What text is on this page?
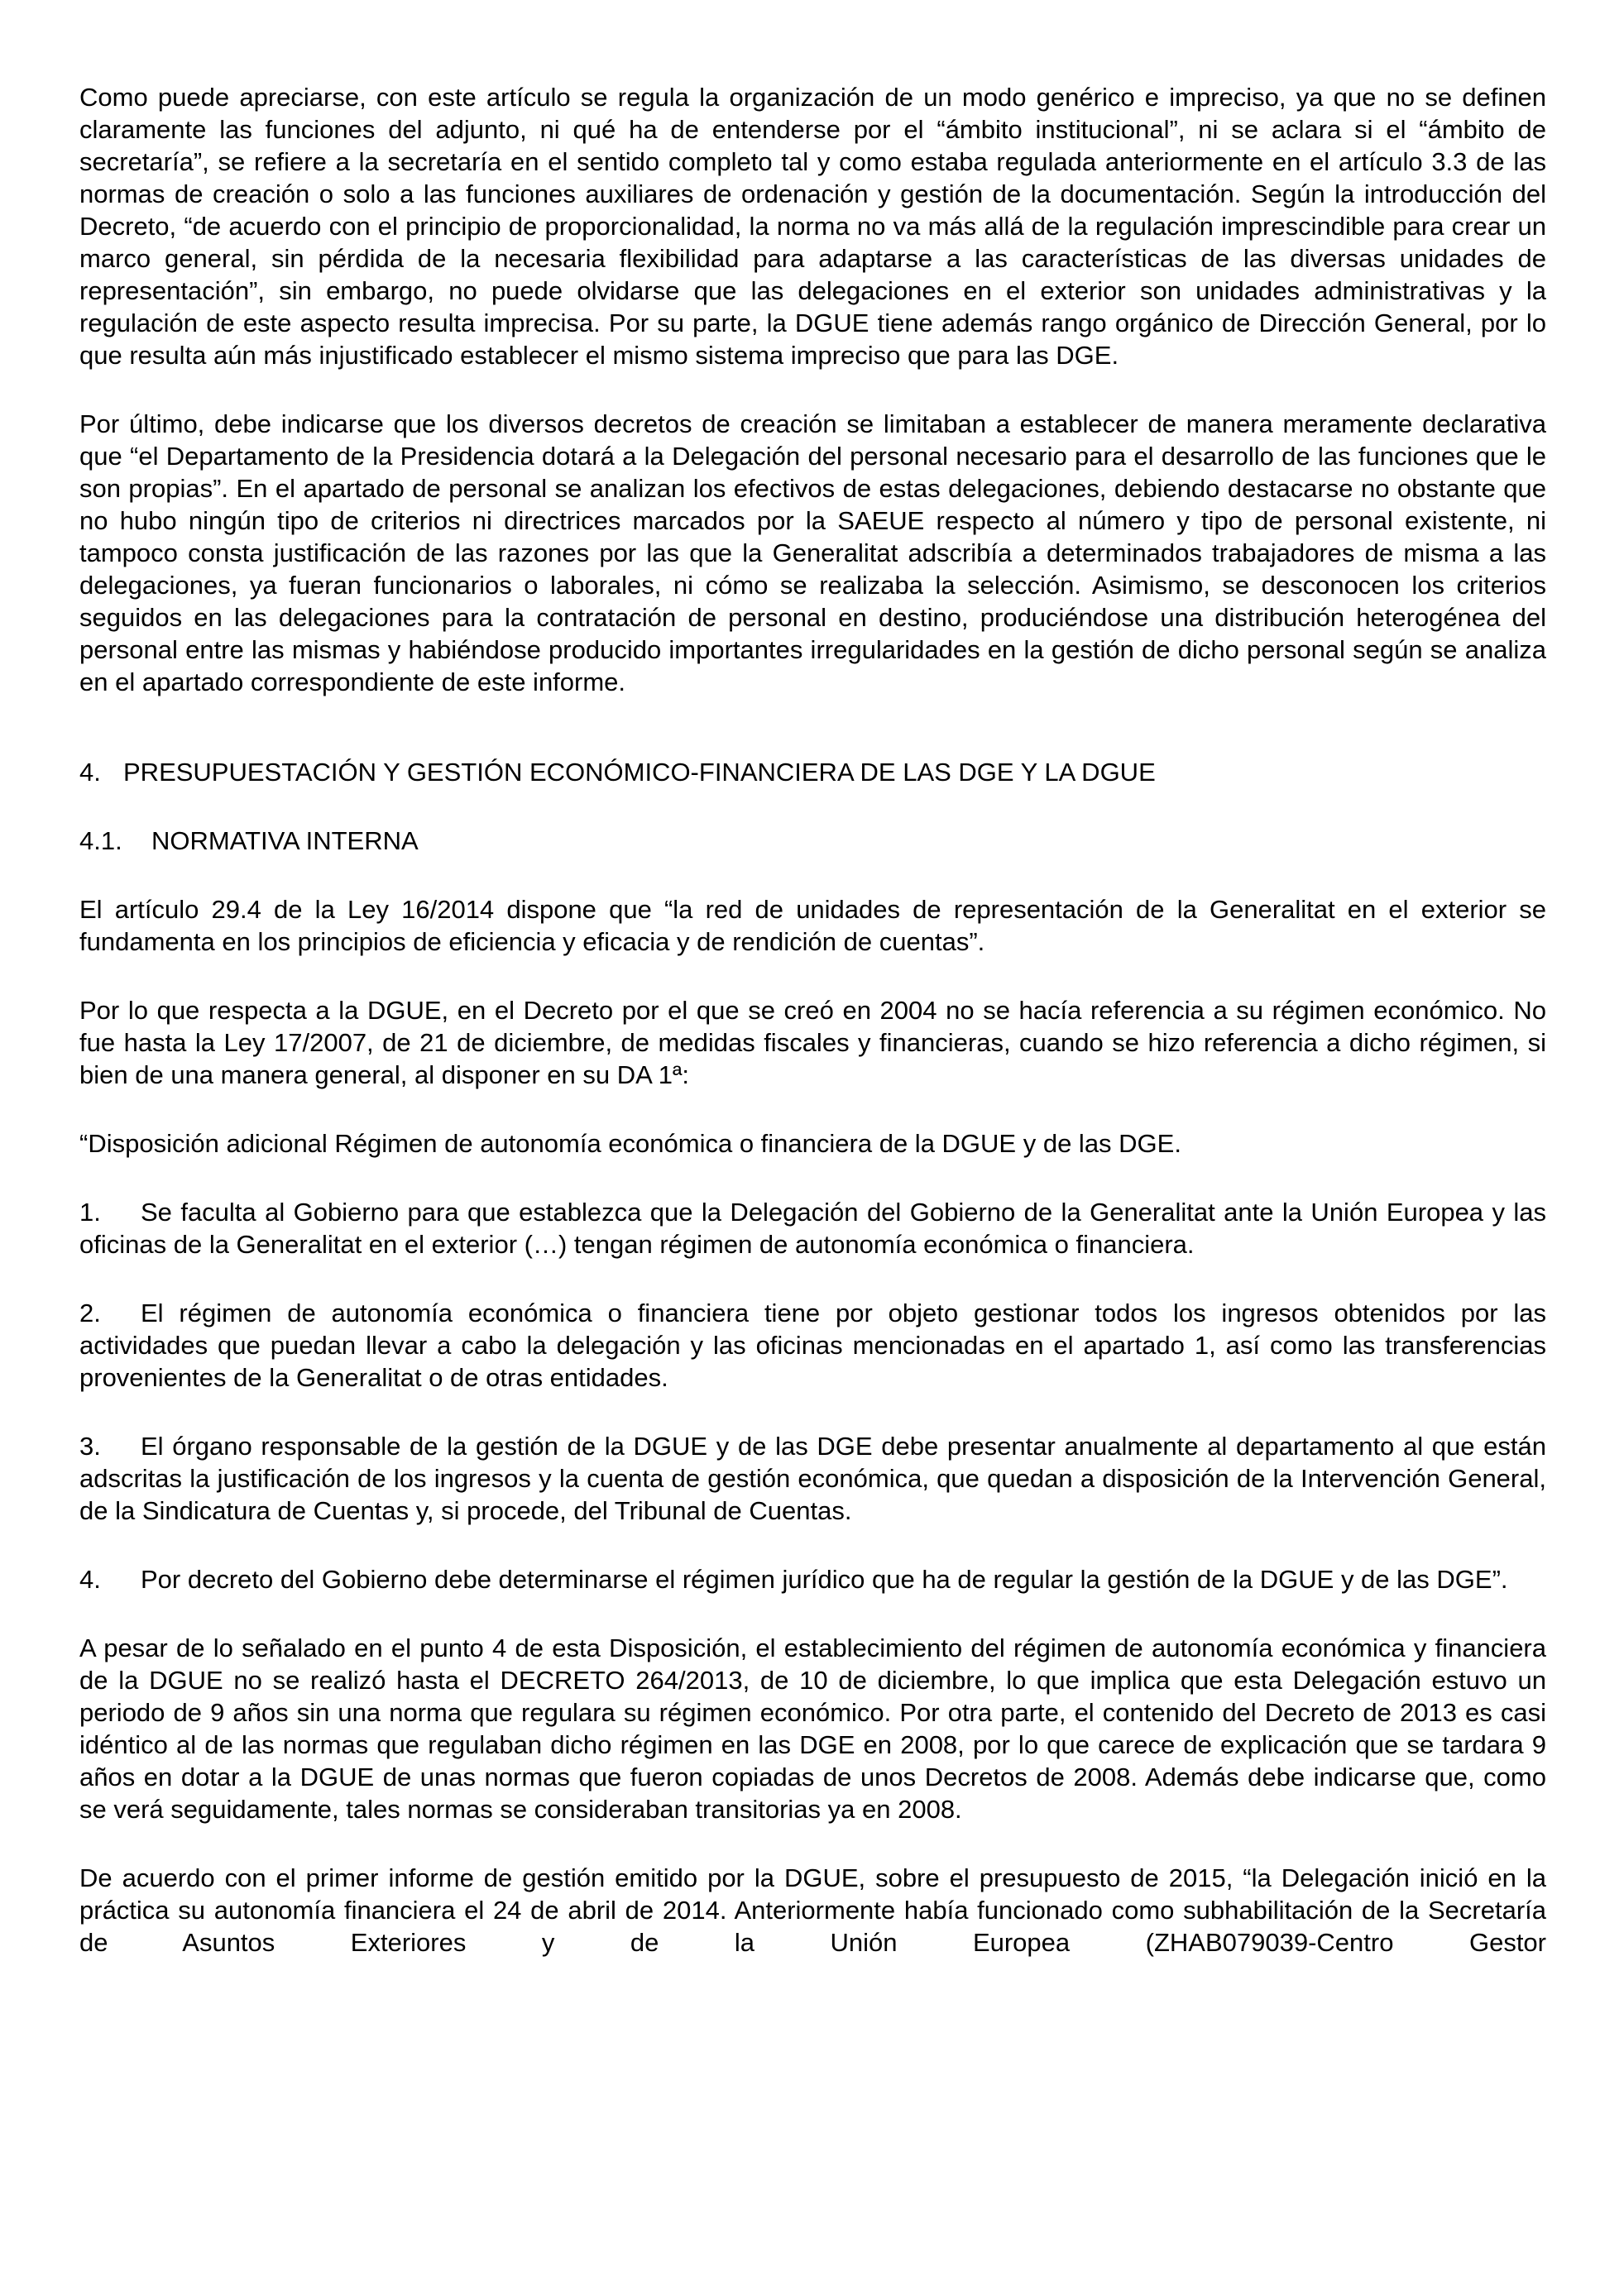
Como puede apreciarse, con este artículo se regula la organización de un modo genérico e impreciso, ya que no se definen claramente las funciones del adjunto, ni qué ha de entenderse por el “ámbito institucional”, ni se aclara si el “ámbito de secretaría”, se refiere a la secretaría en el sentido completo tal y como estaba regulada anteriormente en el artículo 3.3 de las normas de creación o solo a las funciones auxiliares de ordenación y gestión de la documentación. Según la introducción del Decreto, “de acuerdo con el principio de proporcionalidad, la norma no va más allá de la regulación imprescindible para crear un marco general, sin pérdida de la necesaria flexibilidad para adaptarse a las características de las diversas unidades de representación”, sin embargo, no puede olvidarse que las delegaciones en el exterior son unidades administrativas y la regulación de este aspecto resulta imprecisa. Por su parte, la DGUE tiene además rango orgánico de Dirección General, por lo que resulta aún más injustificado establecer el mismo sistema impreciso que para las DGE.

Por último, debe indicarse que los diversos decretos de creación se limitaban a establecer de manera meramente declarativa que “el Departamento de la Presidencia dotará a la Delegación del personal necesario para el desarrollo de las funciones que le son propias”. En el apartado de personal se analizan los efectivos de estas delegaciones, debiendo destacarse no obstante que no hubo ningún tipo de criterios ni directrices marcados por la SAEUE respecto al número y tipo de personal existente, ni tampoco consta justificación de las razones por las que la Generalitat adscribía a determinados trabajadores de misma a las delegaciones, ya fueran funcionarios o laborales, ni cómo se realizaba la selección. Asimismo, se desconocen los criterios seguidos en las delegaciones para la contratación de personal en destino, produciéndose una distribución heterogénea del personal entre las mismas y habiéndose producido importantes irregularidades en la gestión de dicho personal según se analiza en el apartado correspondiente de este informe.

4. PRESUPUESTACIÓN Y GESTIÓN ECONÓMICO-FINANCIERA DE LAS DGE Y LA DGUE
4.1. NORMATIVA INTERNA

El artículo 29.4 de la Ley 16/2014 dispone que “la red de unidades de representación de la Generalitat en el exterior se fundamenta en los principios de eficiencia y eficacia y de rendición de cuentas”.

Por lo que respecta a la DGUE, en el Decreto por el que se creó en 2004 no se hacía referencia a su régimen económico. No fue hasta la Ley 17/2007, de 21 de diciembre, de medidas fiscales y financieras, cuando se hizo referencia a dicho régimen, si bien de una manera general, al disponer en su DA 1ª:

“Disposición adicional Régimen de autonomía económica o financiera de la DGUE y de las DGE.

1. Se faculta al Gobierno para que establezca que la Delegación del Gobierno de la Generalitat ante la Unión Europea y las oficinas de la Generalitat en el exterior (…) tengan régimen de autonomía económica o financiera.

2. El régimen de autonomía económica o financiera tiene por objeto gestionar todos los ingresos obtenidos por las actividades que puedan llevar a cabo la delegación y las oficinas mencionadas en el apartado 1, así como las transferencias provenientes de la Generalitat o de otras entidades.

3. El órgano responsable de la gestión de la DGUE y de las DGE debe presentar anualmente al departamento al que están adscritas la justificación de los ingresos y la cuenta de gestión económica, que quedan a disposición de la Intervención General, de la Sindicatura de Cuentas y, si procede, del Tribunal de Cuentas.

4. Por decreto del Gobierno debe determinarse el régimen jurídico que ha de regular la gestión de la DGUE y de las DGE”.

A pesar de lo señalado en el punto 4 de esta Disposición, el establecimiento del régimen de autonomía económica y financiera de la DGUE no se realizó hasta el DECRETO 264/2013, de 10 de diciembre, lo que implica que esta Delegación estuvo un periodo de 9 años sin una norma que regulara su régimen económico. Por otra parte, el contenido del Decreto de 2013 es casi idéntico al de las normas que regulaban dicho régimen en las DGE en 2008, por lo que carece de explicación que se tardara 9 años en dotar a la DGUE de unas normas que fueron copiadas de unos Decretos de 2008. Además debe indicarse que, como se verá seguidamente, tales normas se consideraban transitorias ya en 2008.

De acuerdo con el primer informe de gestión emitido por la DGUE, sobre el presupuesto de 2015, “la Delegación inició en la práctica su autonomía financiera el 24 de abril de 2014. Anteriormente había funcionado como subhabilitación de la Secretaría de Asuntos Exteriores y de la Unión Europea (ZHAB079039-Centro Gestor
